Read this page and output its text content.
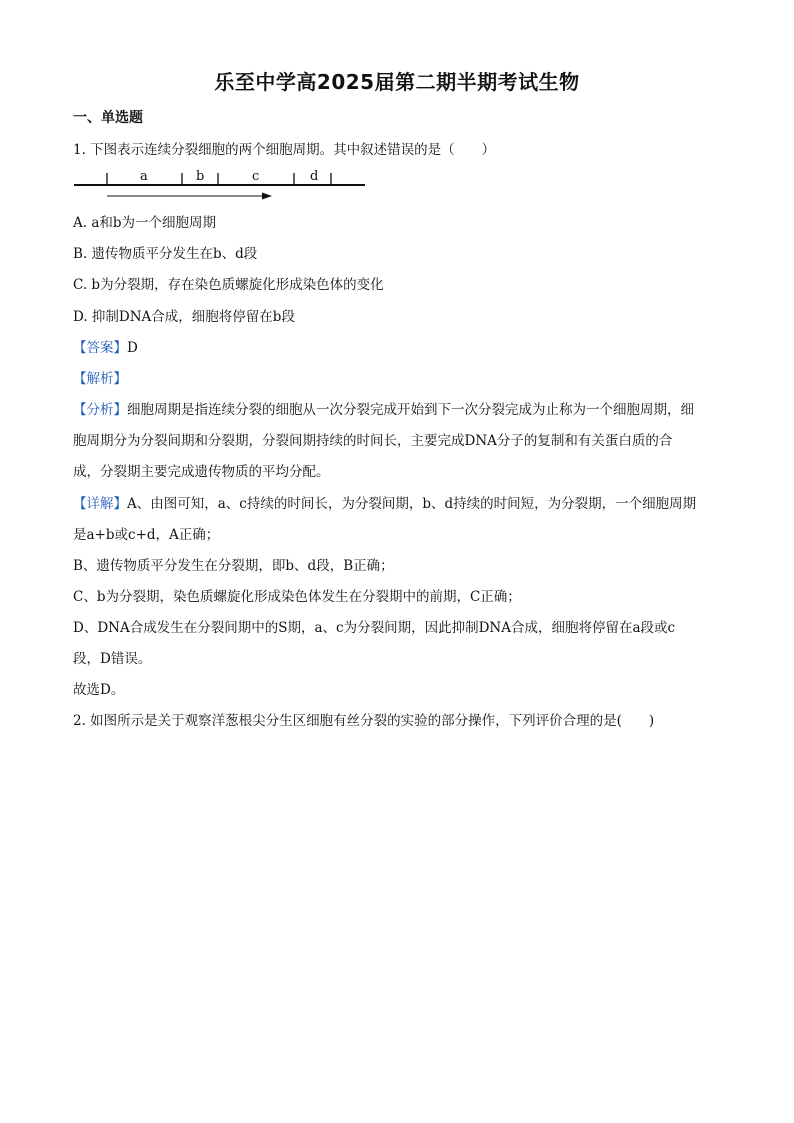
乐至中学高2025届第二期半期考试生物
一、单选题
1. 下图表示连续分裂细胞的两个细胞周期。其中叙述错误的是（　　）
a	b	c	d
A. a和b为一个细胞周期
B. 遗传物质平分发生在b、d段
C. b为分裂期，存在染色质螺旋化形成染色体的变化
D. 抑制DNA合成，细胞将停留在b段
【答案】D
【解析】
【分析】细胞周期是指连续分裂的细胞从一次分裂完成开始到下一次分裂完成为止称为一个细胞周期，细
胞周期分为分裂间期和分裂期，分裂间期持续的时间长，主要完成DNA分子的复制和有关蛋白质的合
成，分裂期主要完成遗传物质的平均分配。
【详解】A、由图可知，a、c持续的时间长，为分裂间期，b、d持续的时间短，为分裂期，一个细胞周期
是a+b或c+d，A正确；
B、遗传物质平分发生在分裂期，即b、d段，B正确；
C、b为分裂期，染色质螺旋化形成染色体发生在分裂期中的前期，C正确；
D、DNA合成发生在分裂间期中的S期，a、c为分裂间期，因此抑制DNA合成，细胞将停留在a段或c
段，D错误。
故选D。
2. 如图所示是关于观察洋葱根尖分生区细胞有丝分裂的实验的部分操作，下列评价合理的是(　　)
